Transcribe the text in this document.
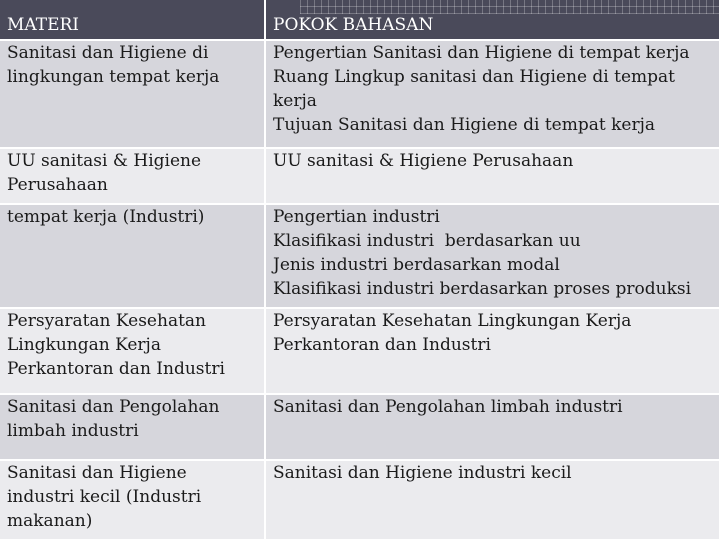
MATERI	POKOK BAHASAN

Sanitasi dan Higiene di lingkungan tempat kerja	Pengertian Sanitasi dan Higiene di tempat kerja
Ruang Lingkup sanitasi dan Higiene di tempat kerja
Tujuan Sanitasi dan Higiene di tempat kerja

UU sanitasi & Higiene Perusahaan	UU sanitasi & Higiene Perusahaan

tempat kerja (Industri)	Pengertian industri
Klasifikasi industri  berdasarkan uu
Jenis industri berdasarkan modal
Klasifikasi industri berdasarkan proses produksi

Persyaratan Kesehatan Lingkungan Kerja Perkantoran dan Industri	Persyaratan Kesehatan Lingkungan Kerja Perkantoran dan Industri

Sanitasi dan Pengolahan limbah industri	Sanitasi dan Pengolahan limbah industri

Sanitasi dan Higiene industri kecil (Industri makanan)	Sanitasi dan Higiene industri kecil
